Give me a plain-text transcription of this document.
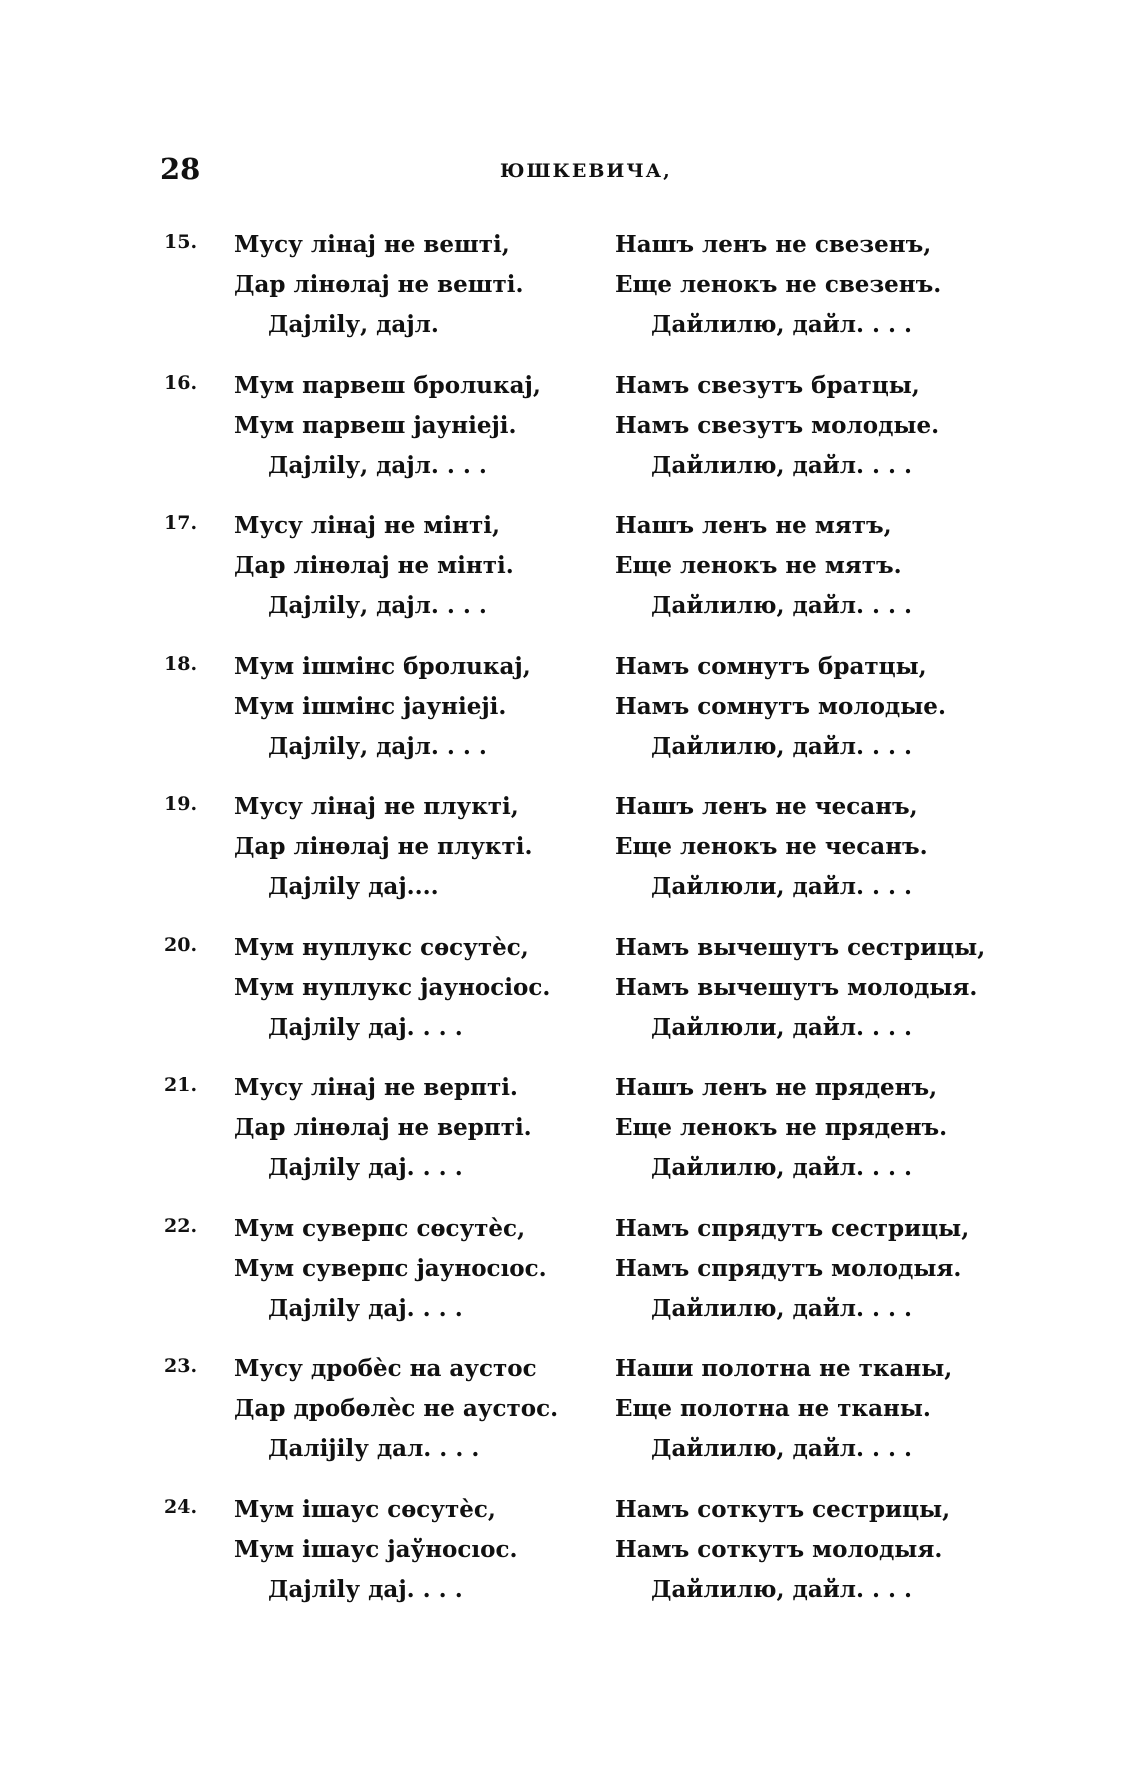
28	ЮШКЕВИЧА,
15. Мусу лінај не вешті,
Дар лінѳлај не вешті.
Дајліlу, дајл.
Нашъ ленъ не свезенъ,
Еще ленокъ не свезенъ.
Дайлилю, дайл. . . .
16. Мум парвеш бролuкај,
Мум парвеш јауніејі.
Дајліlу, дајл. . . .
Намъ свезутъ братцы,
Намъ свезутъ молодые.
Дайлилю, дайл. . . .
17. Мусу лінај не мінті,
Дар лінѳлај не мінті.
Дајліlу, дајл. . . .
Нашъ ленъ не мятъ,
Еще ленокъ не мятъ.
Дайлилю, дайл. . . .
18. Мум ішмінс бролuкај,
Мум ішмінс јауніејі.
Дајліlу, дајл. . . .
Намъ сомнутъ братцы,
Намъ сомнутъ молодые.
Дайлилю, дайл. . . .
19. Мусу лінај не плукті,
Дар лінѳлај не плукті.
Дајліlу дај....
Нашъ ленъ не чесанъ,
Еще ленокъ не чесанъ.
Дайлюли, дайл. . . .
20. Мум нуплукс сѳсутѐс,
Мум нуплукс јауносіос.
Дајліlу дај. . . .
Намъ вычешутъ сестрицы,
Намъ вычешутъ молодыя.
Дайлюли, дайл. . . .
21. Мусу лінај не верпті.
Дар лінѳлај не верпті.
Дајліlу дај. . . .
Нашъ ленъ не пряденъ,
Еще ленокъ не пряденъ.
Дайлилю, дайл. . . .
22. Мум суверпс сѳсутѐс,
Мум суверпс јауносıос.
Дајліlу дај. . . .
Намъ спрядутъ сестрицы,
Намъ спрядутъ молодыя.
Дайлилю, дайл. . . .
23. Мусу дробѐс на аустос
Дар дробѳлѐс не аустос.
Даліјіlу дал. . . .
Наши полотна не тканы,
Еще полотна не тканы.
Дайлилю, дайл. . . .
24. Мум ішаус сѳсутѐс,
Мум ішаус јаўносıос.
Дајліlу дај. . . .
Намъ соткутъ сестрицы,
Намъ соткутъ молодыя.
Дайлилю, дайл. . . .
